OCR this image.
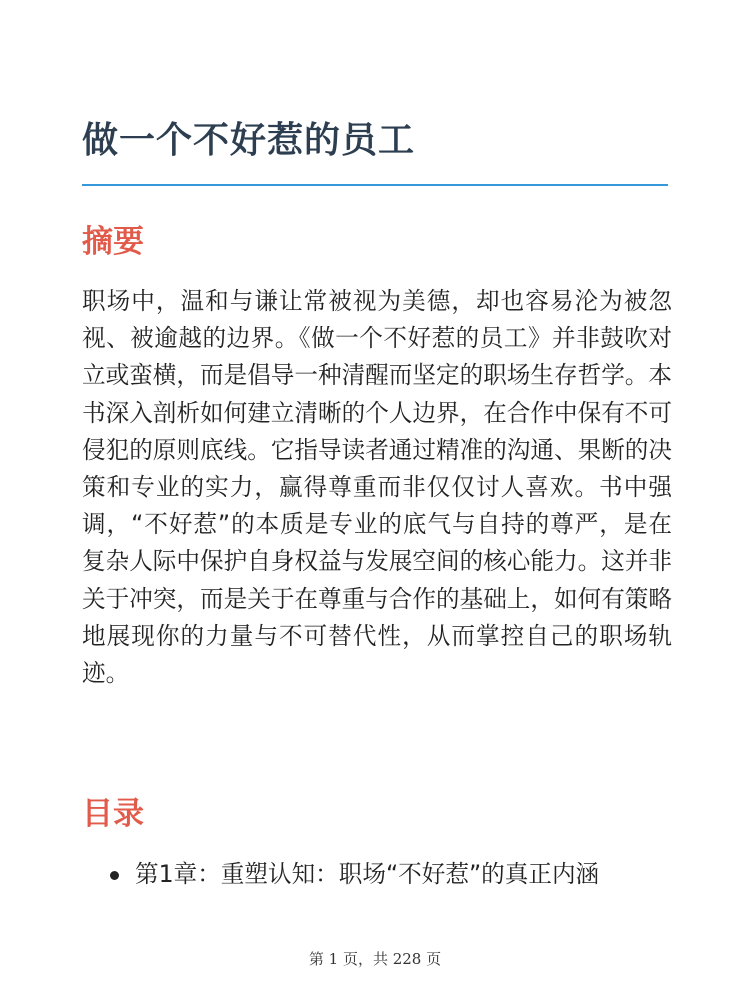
做一个不好惹的员工
摘要

职场中，温和与谦让常被视为美德，却也容易沦为被忽视、被逾越的边界。《做一个不好惹的员工》并非鼓吹对立或蛮横，而是倡导一种清醒而坚定的职场生存哲学。本书深入剖析如何建立清晰的个人边界，在合作中保有不可侵犯的原则底线。它指导读者通过精准的沟通、果断的决策和专业的实力，赢得尊重而非仅仅讨人喜欢。书中强调，“不好惹”的本质是专业的底气与自持的尊严，是在复杂人际中保护自身权益与发展空间的核心能力。这并非关于冲突，而是关于在尊重与合作的基础上，如何有策略地展现你的力量与不可替代性，从而掌控自己的职场轨迹。

目录
第1章：重塑认知：职场“不好惹”的真正内涵
第 1 页，共 228 页
